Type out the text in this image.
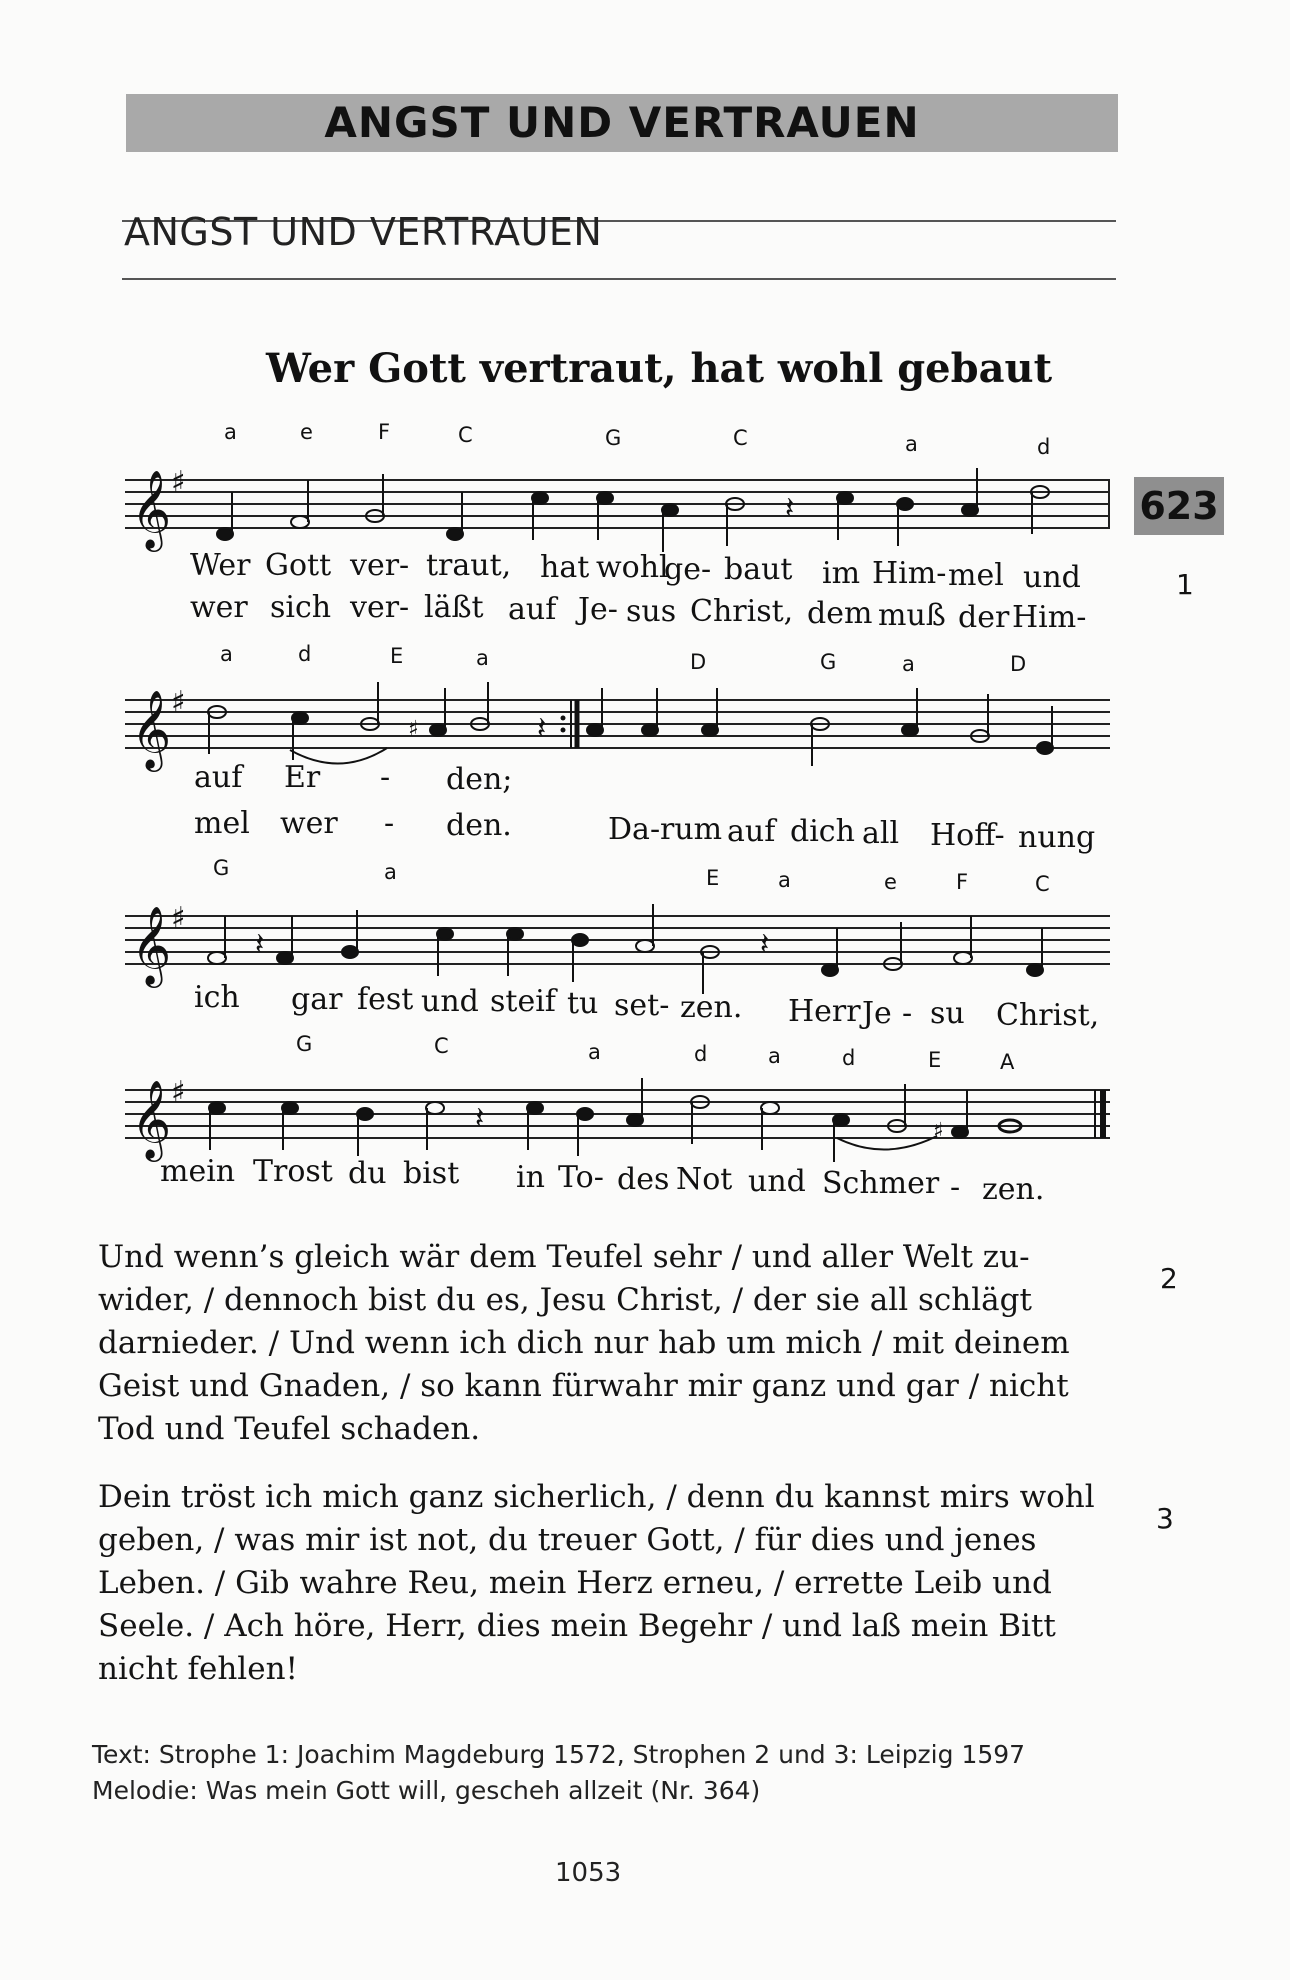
ANGST UND VERTRAUEN
ANGST UND VERTRAUEN
Wer Gott vertraut, hat wohl gebaut
623
1
a	e	F	C	G	C	a	d
𝄞 ♯
𝄽
Wer Gott ver- traut, hat wohl
ge- baut im Him- mel und
wer sich ver- läßt auf Je- sus Christ, dem muß der Him-
a	d	E	a	D	G	a	D
𝄞 ♯
♯	𝄽
auf Er - den;
mel wer - den.	Da- rum auf dich all Hoff- nung
G	a	E	a	e	F	C
𝄞 ♯
𝄽	𝄽
ich gar fest und steif tu set- zen. Herr Je - su Christ,
G	C	a	d	a	d	E	A
𝄞 ♯
♯
𝄽
mein Trost du bist in To- des Not und Schmer - zen.
Und wenn’s gleich wär dem Teufel sehr / und aller Welt zu-
wider, / dennoch bist du es, Jesu Christ, / der sie all schlägt
darnieder. / Und wenn ich dich nur hab um mich / mit deinem
Geist und Gnaden, / so kann fürwahr mir ganz und gar / nicht
Tod und Teufel schaden.
2
Dein tröst ich mich ganz sicherlich, / denn du kannst mirs wohl
geben, / was mir ist not, du treuer Gott, / für dies und jenes
Leben. / Gib wahre Reu, mein Herz erneu, / errette Leib und
Seele. / Ach höre, Herr, dies mein Begehr / und laß mein Bitt
nicht fehlen!
3
Text: Strophe 1: Joachim Magdeburg 1572, Strophen 2 und 3: Leipzig 1597
Melodie: Was mein Gott will, gescheh allzeit (Nr. 364)
1053
